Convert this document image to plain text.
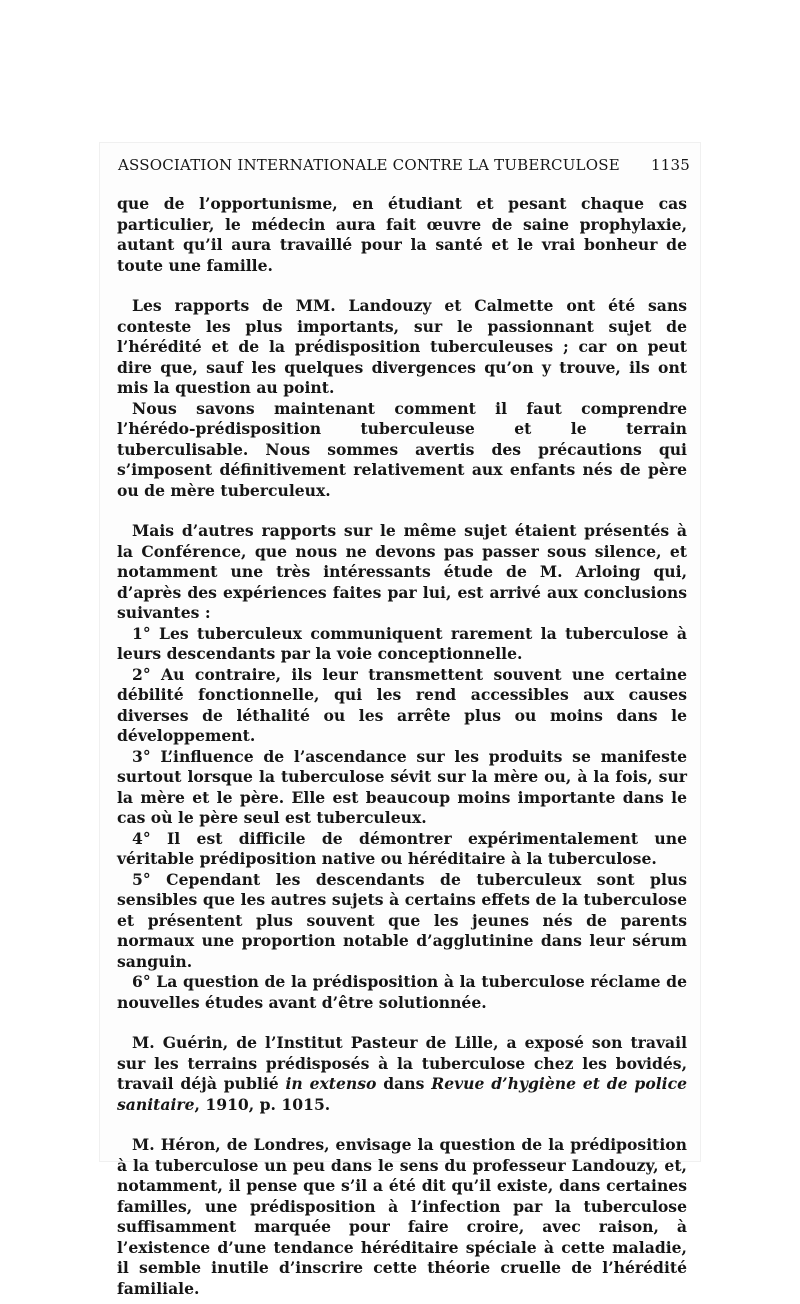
ASSOCIATION INTERNATIONALE CONTRE LA TUBERCULOSE 1135

que de l’opportunisme, en étudiant et pesant chaque cas particulier, le médecin aura fait œuvre de saine prophylaxie, autant qu’il aura travaillé pour la santé et le vrai bonheur de toute une famille.

Les rapports de MM. Landouzy et Calmette ont été sans conteste les plus importants, sur le passionnant sujet de l’hérédité et de la prédisposition tuberculeuses ; car on peut dire que, sauf les quelques divergences qu’on y trouve, ils ont mis la question au point.

Nous savons maintenant comment il faut comprendre l’hérédo-prédisposition tuberculeuse et le terrain tuberculisable. Nous sommes avertis des précautions qui s’imposent définitivement relativement aux enfants nés de père ou de mère tuberculeux.

Mais d’autres rapports sur le même sujet étaient présentés à la Conférence, que nous ne devons pas passer sous silence, et notamment une très intéressants étude de M. Arloing qui, d’après des expériences faites par lui, est arrivé aux conclusions suivantes :

1° Les tuberculeux communiquent rarement la tuberculose à leurs descendants par la voie conceptionnelle.

2° Au contraire, ils leur transmettent souvent une certaine débilité fonctionnelle, qui les rend accessibles aux causes diverses de léthalité ou les arrête plus ou moins dans le développement.

3° L’influence de l’ascendance sur les produits se manifeste surtout lorsque la tuberculose sévit sur la mère ou, à la fois, sur la mère et le père. Elle est beaucoup moins importante dans le cas où le père seul est tuberculeux.

4° Il est difficile de démontrer expérimentalement une véritable prédiposition native ou héréditaire à la tuberculose.

5° Cependant les descendants de tuberculeux sont plus sensibles que les autres sujets à certains effets de la tuberculose et présentent plus souvent que les jeunes nés de parents normaux une proportion notable d’agglutinine dans leur sérum sanguin.

6° La question de la prédisposition à la tuberculose réclame de nouvelles études avant d’être solutionnée.

M. Guérin, de l’Institut Pasteur de Lille, a exposé son travail sur les terrains prédisposés à la tuberculose chez les bovidés, travail déjà publié in extenso dans Revue d’hygiène et de police sanitaire, 1910, p. 1015.

M. Héron, de Londres, envisage la question de la prédiposition à la tuberculose un peu dans le sens du professeur Landouzy, et, notamment, il pense que s’il a été dit qu’il existe, dans certaines familles, une prédisposition à l’infection par la tuberculose suffisamment marquée pour faire croire, avec raison, à l’existence d’une tendance héréditaire spéciale à cette maladie, il semble inutile d’inscrire cette théorie cruelle de l’hérédité familiale.
